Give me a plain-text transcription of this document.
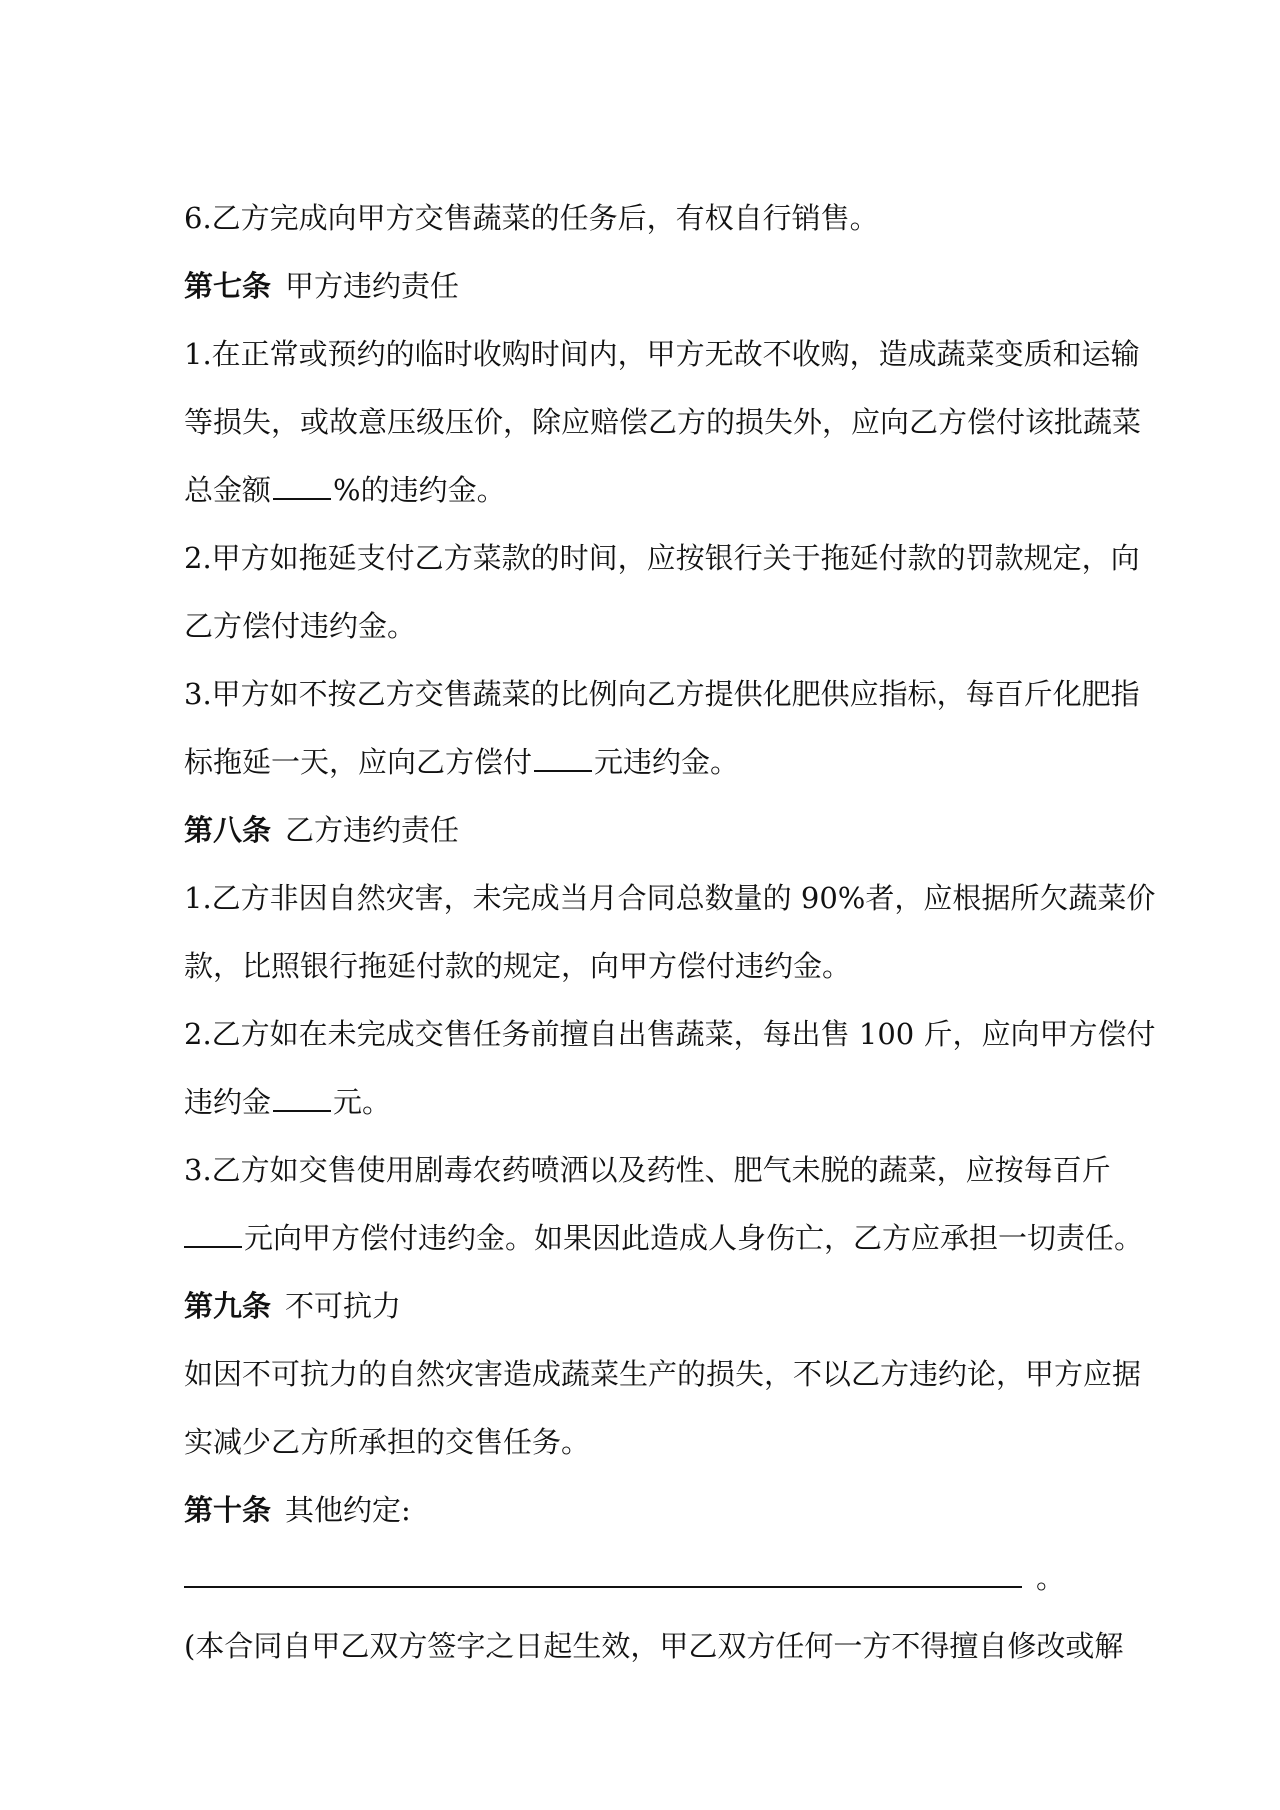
6.乙方完成向甲方交售蔬菜的任务后，有权自行销售。
第七条 甲方违约责任
1.在正常或预约的临时收购时间内，甲方无故不收购，造成蔬菜变质和运输
等损失，或故意压级压价，除应赔偿乙方的损失外，应向乙方偿付该批蔬菜
总金额 %的违约金。
2.甲方如拖延支付乙方菜款的时间，应按银行关于拖延付款的罚款规定，向
乙方偿付违约金。
3.甲方如不按乙方交售蔬菜的比例向乙方提供化肥供应指标，每百斤化肥指
标拖延一天，应向乙方偿付 元违约金。
第八条 乙方违约责任
1.乙方非因自然灾害，未完成当月合同总数量的 90%者，应根据所欠蔬菜价
款，比照银行拖延付款的规定，向甲方偿付违约金。
2.乙方如在未完成交售任务前擅自出售蔬菜，每出售 100 斤，应向甲方偿付
违约金 元。
3.乙方如交售使用剧毒农药喷洒以及药性、肥气未脱的蔬菜，应按每百斤
元向甲方偿付违约金。如果因此造成人身伤亡，乙方应承担一切责任。
第九条 不可抗力
如因不可抗力的自然灾害造成蔬菜生产的损失，不以乙方违约论，甲方应据
实减少乙方所承担的交售任务。
第十条 其他约定:
。
(本合同自甲乙双方签字之日起生效，甲乙双方任何一方不得擅自修改或解
